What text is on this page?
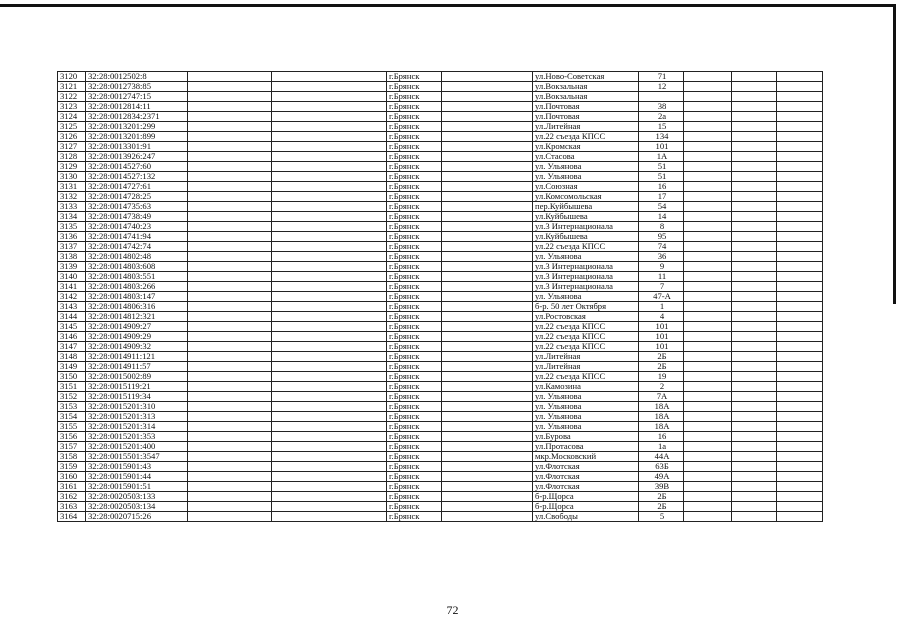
3120	32:28:0012502:8			г.Брянск		ул.Ново-Советская	71			
3121	32:28:0012738:85			г.Брянск		ул.Вокзальная	12			
3122	32:28:0012747:15			г.Брянск		ул.Вокзальная				
3123	32:28:0012814:11			г.Брянск		ул.Почтовая	38			
3124	32:28:0012834:2371			г.Брянск		ул.Почтовая	2а			
3125	32:28:0013201:299			г.Брянск		ул.Литейная	15			
3126	32:28:0013201:899			г.Брянск		ул.22 съезда КПСС	134			
3127	32:28:0013301:91			г.Брянск		ул.Кромская	101			
3128	32:28:0013926:247			г.Брянск		ул.Стасова	1А			
3129	32:28:0014527:60			г.Брянск		ул. Ульянова	51			
3130	32:28:0014527:132			г.Брянск		ул. Ульянова	51			
3131	32:28:0014727:61			г.Брянск		ул.Союзная	16			
3132	32:28:0014728:25			г.Брянск		ул.Комсомольская	17			
3133	32:28:0014735:63			г.Брянск		пер.Куйбышева	54			
3134	32:28:0014738:49			г.Брянск		ул.Куйбышева	14			
3135	32:28:0014740:23			г.Брянск		ул.3 Интернационала	8			
3136	32:28:0014741:94			г.Брянск		ул.Куйбышева	95			
3137	32:28:0014742:74			г.Брянск		ул.22 съезда КПСС	74			
3138	32:28:0014802:48			г.Брянск		ул. Ульянова	36			
3139	32:28:0014803:608			г.Брянск		ул.3 Интернационала	9			
3140	32:28:0014803:551			г.Брянск		ул.3 Интернационала	11			
3141	32:28:0014803:266			г.Брянск		ул.3 Интернационала	7			
3142	32:28:0014803:147			г.Брянск		ул. Ульянова	47-А			
3143	32:28:0014806:316			г.Брянск		б-р. 50 лет Октября	1			
3144	32:28:0014812:321			г.Брянск		ул.Ростовская	4			
3145	32:28:0014909:27			г.Брянск		ул.22 съезда КПСС	101			
3146	32:28:0014909:29			г.Брянск		ул.22 съезда КПСС	101			
3147	32:28:0014909:32			г.Брянск		ул.22 съезда КПСС	101			
3148	32:28:0014911:121			г.Брянск		ул.Литейная	2Б			
3149	32:28:0014911:57			г.Брянск		ул.Литейная	2Б			
3150	32:28:0015002:89			г.Брянск		ул.22 съезда КПСС	19			
3151	32:28:0015119:21			г.Брянск		ул.Камозина	2			
3152	32:28:0015119:34			г.Брянск		ул. Ульянова	7А			
3153	32:28:0015201:310			г.Брянск		ул. Ульянова	18А			
3154	32:28:0015201:313			г.Брянск		ул. Ульянова	18А			
3155	32:28:0015201:314			г.Брянск		ул. Ульянова	18А			
3156	32:28:0015201:353			г.Брянск		ул.Бурова	16			
3157	32:28:0015201:400			г.Брянск		ул.Протасова	1а			
3158	32:28:0015501:3547			г.Брянск		мкр.Московский	44А			
3159	32:28:0015901:43			г.Брянск		ул.Флотская	63Б			
3160	32:28:0015901:44			г.Брянск		ул.Флотская	49А			
3161	32:28:0015901:51			г.Брянск		ул.Флотская	39В			
3162	32:28:0020503:133			г.Брянск		б-р.Щорса	2Б			
3163	32:28:0020503:134			г.Брянск		б-р.Щорса	2Б			
3164	32:28:0020715:26			г.Брянск		ул.Свободы	5			
72
